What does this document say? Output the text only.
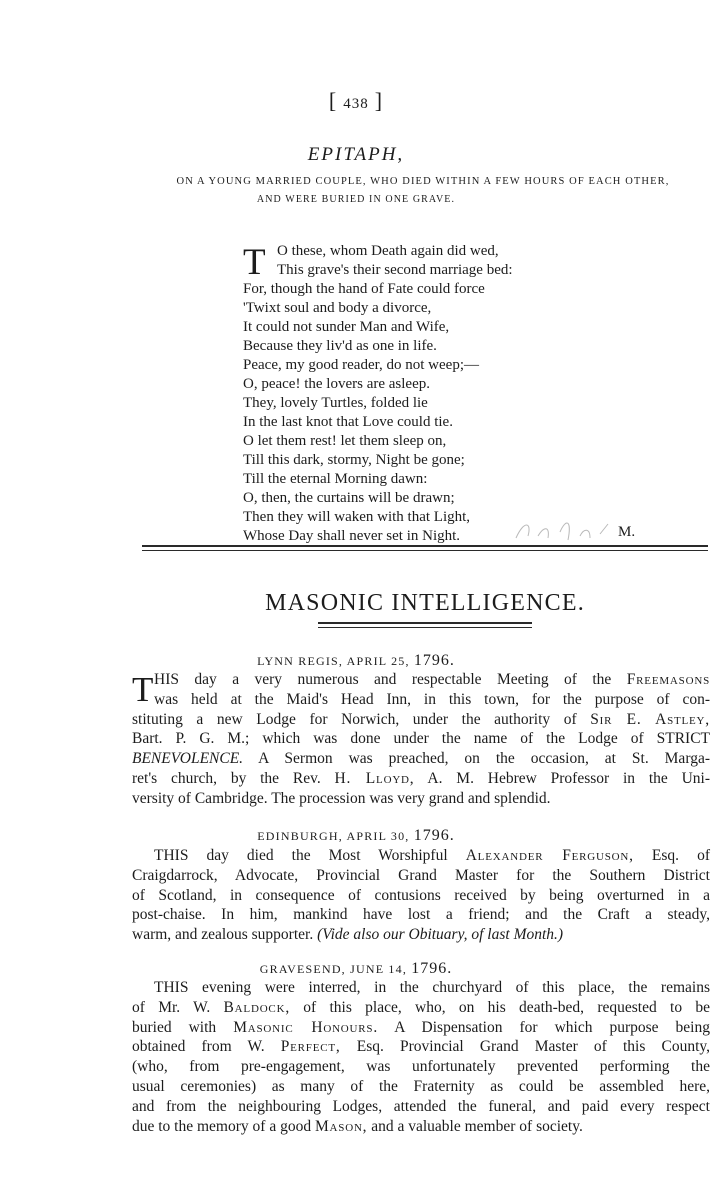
[ 438 ]
EPITAPH,
ON A YOUNG MARRIED COUPLE, WHO DIED WITHIN A FEW HOURS OF EACH OTHER,
AND WERE BURIED IN ONE GRAVE.
T O these, whom Death again did wed,
This grave's their second marriage bed:
For, though the hand of Fate could force
'Twixt soul and body a divorce,
It could not sunder Man and Wife,
Because they liv'd as one in life.
Peace, my good reader, do not weep;—
O, peace! the lovers are asleep.
They, lovely Turtles, folded lie
In the last knot that Love could tie.
O let them rest! let them sleep on,
Till this dark, stormy, Night be gone;
Till the eternal Morning dawn:
O, then, the curtains will be drawn;
Then they will waken with that Light,
Whose Day shall never set in Night.	M.
MASONIC INTELLIGENCE.
LYNN REGIS, APRIL 25, 1796.
T HIS day a very numerous and respectable Meeting of the Freemasons
was held at the Maid's Head Inn, in this town, for the purpose of con-
stituting a new Lodge for Norwich, under the authority of Sir E. Astley,
Bart. P. G. M.; which was done under the name of the Lodge of STRICT
BENEVOLENCE. A Sermon was preached, on the occasion, at St. Marga-
ret's church, by the Rev. H. Lloyd, A. M. Hebrew Professor in the Uni-
versity of Cambridge. The procession was very grand and splendid.
EDINBURGH, APRIL 30, 1796.
THIS day died the Most Worshipful Alexander Ferguson, Esq. of
Craigdarrock, Advocate, Provincial Grand Master for the Southern District
of Scotland, in consequence of contusions received by being overturned in a
post-chaise. In him, mankind have lost a friend; and the Craft a steady,
warm, and zealous supporter. (Vide also our Obituary, of last Month.)
GRAVESEND, JUNE 14, 1796.
THIS evening were interred, in the churchyard of this place, the remains
of Mr. W. Baldock, of this place, who, on his death-bed, requested to be
buried with Masonic Honours. A Dispensation for which purpose being
obtained from W. Perfect, Esq. Provincial Grand Master of this County,
(who, from pre-engagement, was unfortunately prevented performing the
usual ceremonies) as many of the Fraternity as could be assembled here,
and from the neighbouring Lodges, attended the funeral, and paid every respect
due to the memory of a good Mason, and a valuable member of society.
